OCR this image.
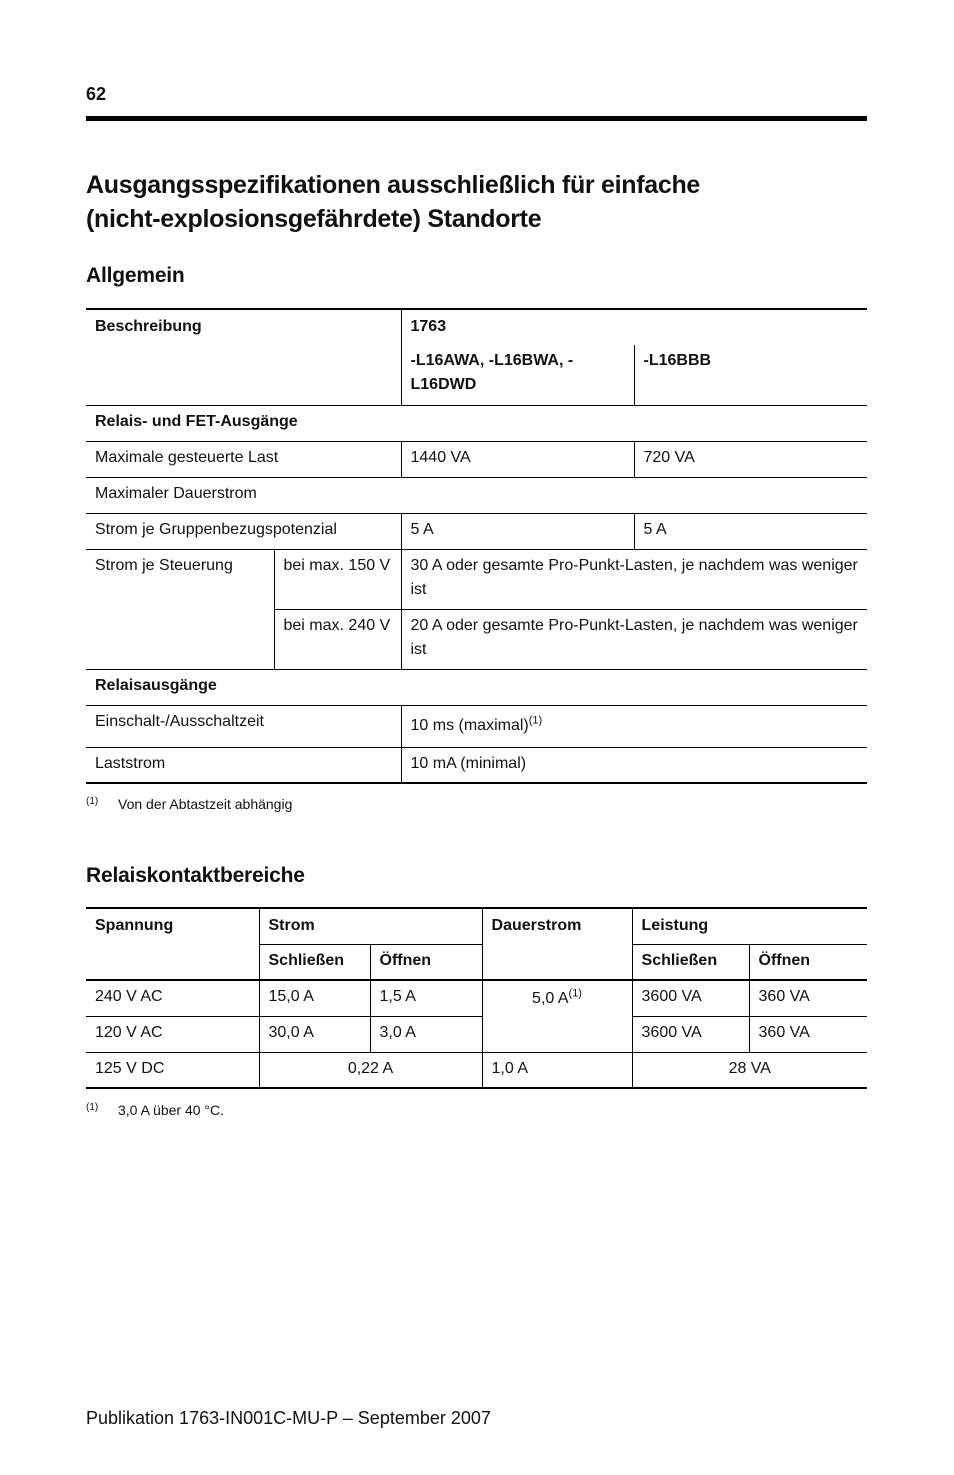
62
Ausgangsspezifikationen ausschließlich für einfache
(nicht-explosionsgefährdete) Standorte
Allgemein
Beschreibung		1763	
		-L16AWA, -L16BWA, -L16DWD	-L16BBB
Relais- und FET-Ausgänge			
Maximale gesteuerte Last		1440 VA	720 VA
Maximaler Dauerstrom			
Strom je Gruppenbezugspotenzial		5 A	5 A
Strom je Steuerung	bei max. 150 V	30 A oder gesamte Pro-Punkt-Lasten, je nachdem was weniger ist	
	bei max. 240 V	20 A oder gesamte Pro-Punkt-Lasten, je nachdem was weniger ist	
Relaisausgänge			
Einschalt-/Ausschaltzeit		10 ms (maximal)$^{(1)}$
Laststrom		10 mA (minimal)	
(1) Von der Abtastzeit abhängig
Relaiskontaktbereiche
Spannung	Strom		Dauerstrom	Leistung	
	Schließen	Öffnen		Schließen	Öffnen
240 V AC	15,0 A	1,5 A	5,0 $A^{(1)}$	3600 VA	360 VA
120 V AC	30,0 A	3,0 A		3600 VA	360 VA
125 V DC	0,22 A		1,0 A	28 VA	
(1) 3,0 A über 40 °C.
Publikation 1763-IN001C-MU-P – September 2007
